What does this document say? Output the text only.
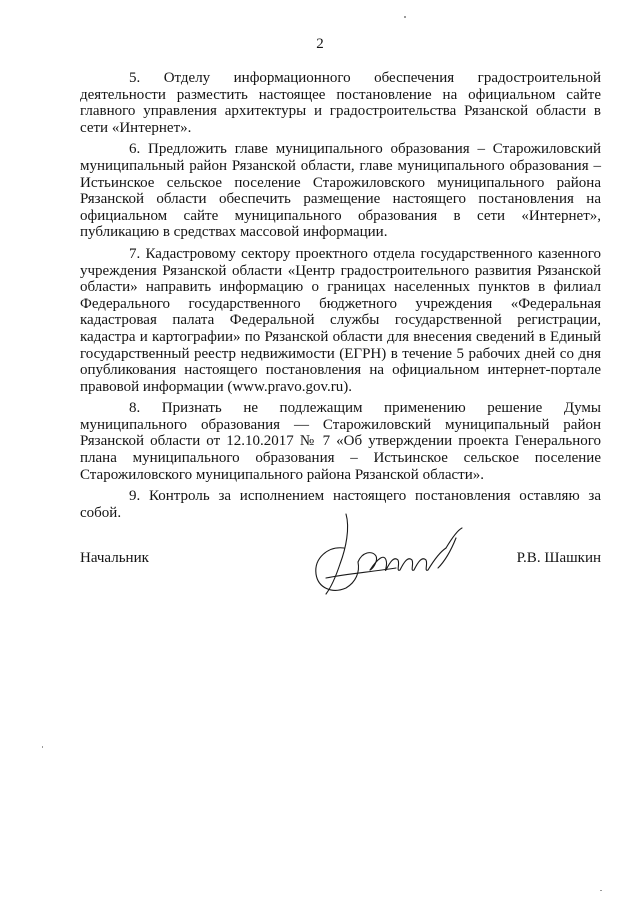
2

5. Отделу информационного обеспечения градостроительной деятельности разместить настоящее постановление на официальном сайте главного управления архитектуры и градостроительства Рязанской области в сети «Интернет».

6. Предложить главе муниципального образования – Старожиловский муниципальный район Рязанской области, главе муниципального образования – Истьинское сельское поселение Старожиловского муниципального района Рязанской области обеспечить размещение настоящего постановления на официальном сайте муниципального образования в сети «Интернет», публикацию в средствах массовой информации.

7. Кадастровому сектору проектного отдела государственного казенного учреждения Рязанской области «Центр градостроительного развития Рязанской области» направить информацию о границах населенных пунктов в филиал Федерального государственного бюджетного учреждения «Федеральная кадастровая палата Федеральной службы государственной регистрации, кадастра и картографии» по Рязанской области для внесения сведений в Единый государственный реестр недвижимости (ЕГРН) в течение 5 рабочих дней со дня опубликования настоящего постановления на официальном интернет-портале правовой информации (www.pravo.gov.ru).

8. Признать не подлежащим применению решение Думы муниципального образования — Старожиловский муниципальный район Рязанской области от 12.10.2017 № 7 «Об утверждении проекта Генерального плана муниципального образования – Истьинское сельское поселение Старожиловского муниципального района Рязанской области».

9. Контроль за исполнением настоящего постановления оставляю за собой.

Начальник	Р.В. Шашкин
